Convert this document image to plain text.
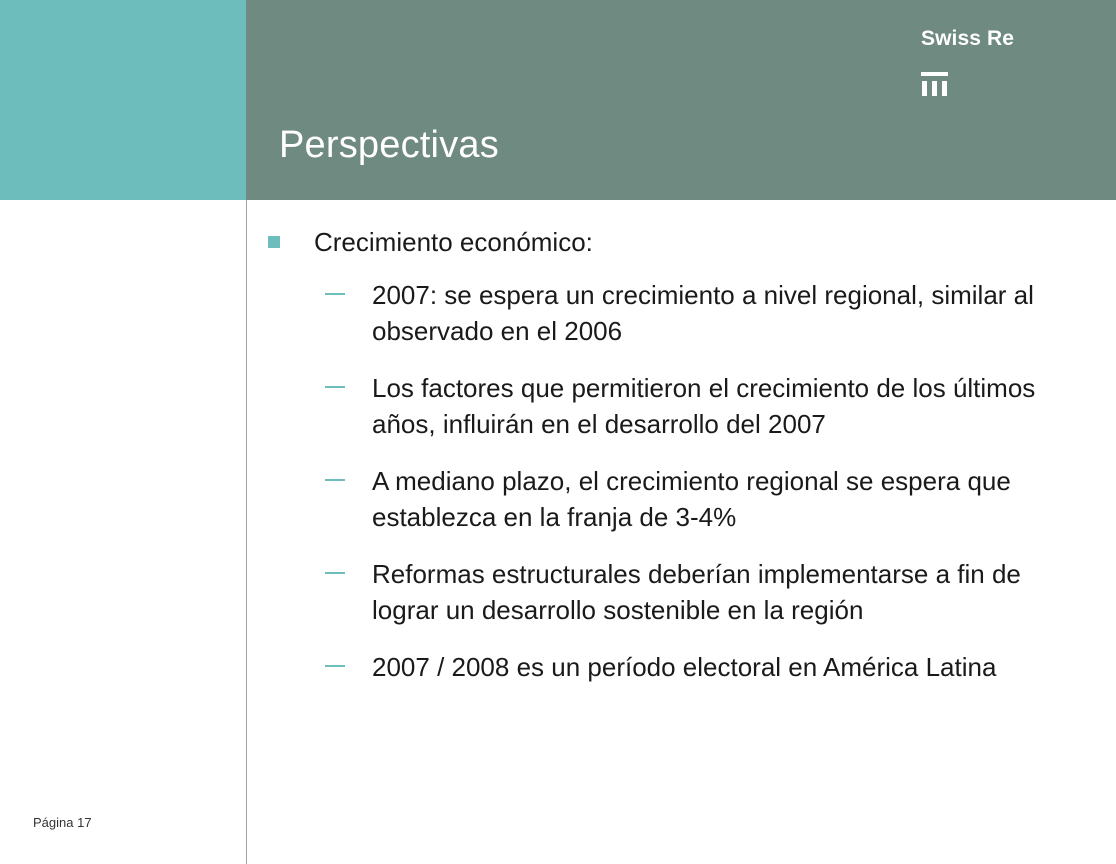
Perspectivas
Swiss Re
Crecimiento económico:
2007: se espera un crecimiento a nivel regional, similar al observado en el 2006
Los factores que permitieron el crecimiento de los últimos años, influirán en el desarrollo del 2007
A mediano plazo, el crecimiento regional se espera que establezca en la franja de 3-4%
Reformas estructurales deberían implementarse a fin de lograr un desarrollo sostenible en la región
2007 / 2008 es un período electoral en América Latina
Página 17
